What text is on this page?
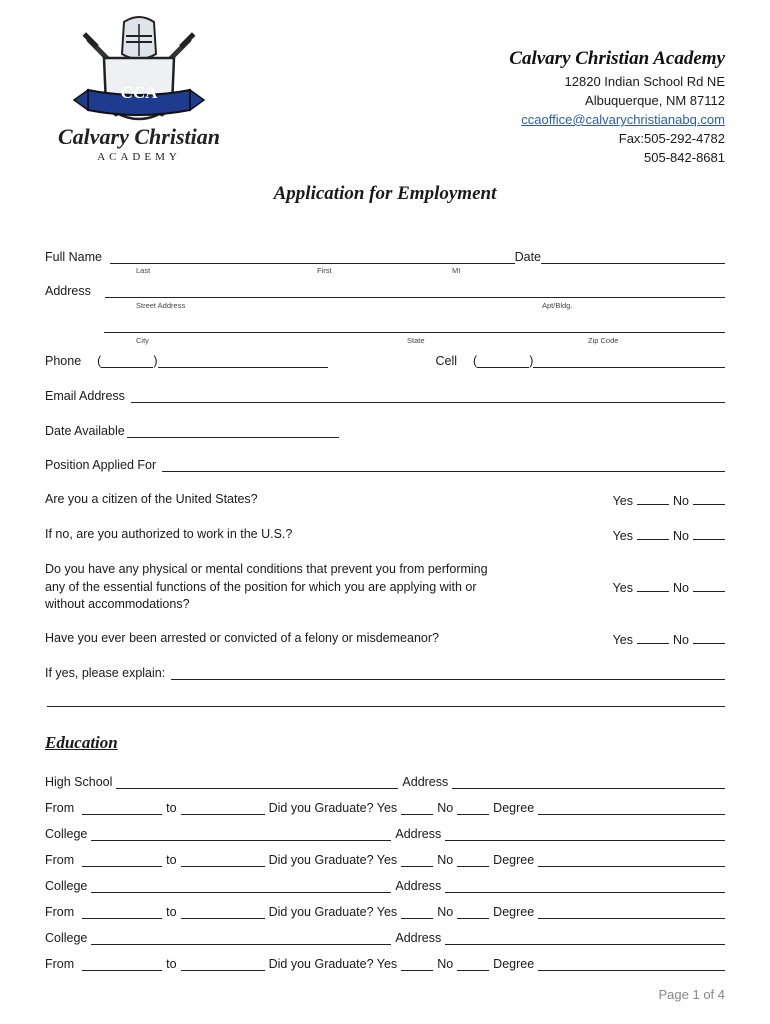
CCA
Calvary Christian
ACADEMY
Calvary Christian Academy
12820 Indian School Rd NE
Albuquerque, NM 87112
ccaoffice@calvarychristianabq.com
Fax:505-292-4782
505-842-8681
Application for Employment
Full Name	Date
Last	First	MI
Address
Street Address	Apt/Bldg.
City	State	Zip Code
Phone (	)	Cell (	)
Email Address
Date Available
Position Applied For
Are you a citizen of the United States?	Yes	No
If no, are you authorized to work in the U.S.?	Yes	No
Do you have any physical or mental conditions that prevent you from performing any of the essential functions of the position for which you are applying with or without accommodations?
Yes	No
Have you ever been arrested or convicted of a felony or misdemeanor?	Yes	No
If yes, please explain:
Education
High School	Address
From	to	Did you Graduate? Yes	No	Degree
College	Address
From	to	Did you Graduate? Yes	No	Degree
College	Address
From	to	Did you Graduate? Yes	No	Degree
College	Address
From	to	Did you Graduate? Yes	No	Degree
Page 1 of 4
